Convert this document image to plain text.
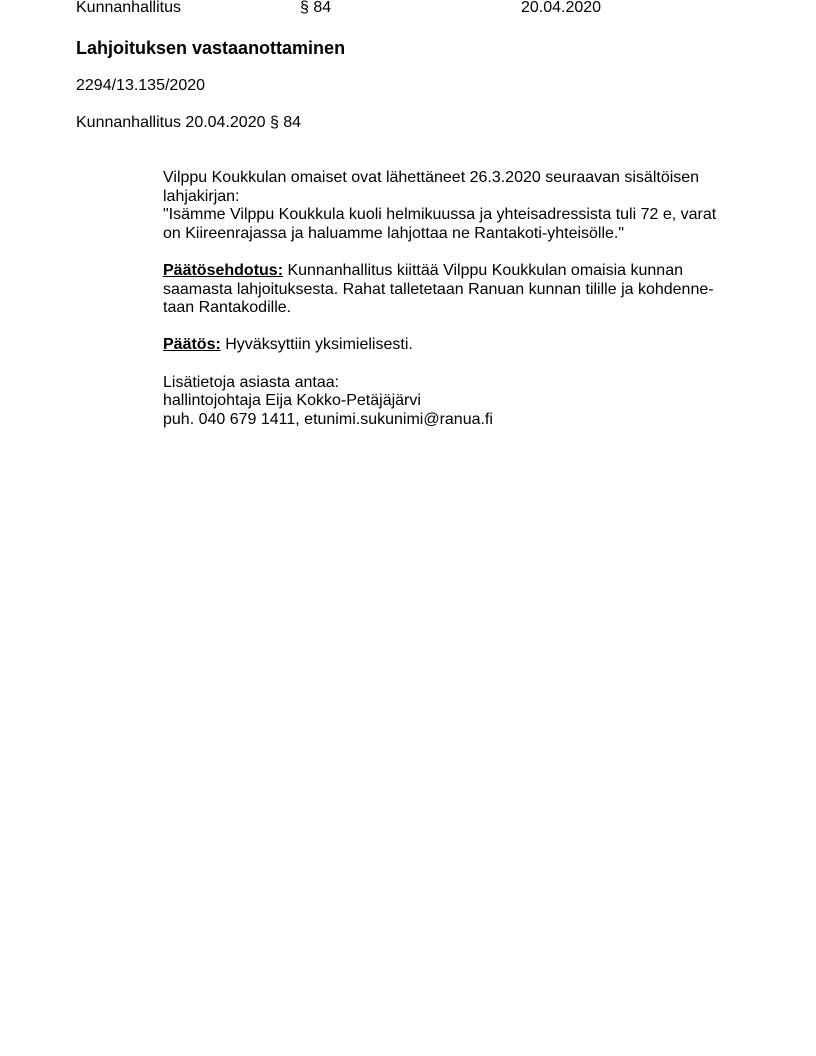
Kunnanhallitus	§ 84	20.04.2020
Lahjoituksen vastaanottaminen
2294/13.135/2020
Kunnanhallitus 20.04.2020 § 84
Vilppu Koukkulan omaiset ovat lähettäneet 26.3.2020 seuraavan sisältöisen
lahjakirjan:
"Isämme Vilppu Koukkula kuoli helmikuussa ja yhteisadressista tuli 72 e, varat
on Kiireenrajassa ja haluamme lahjottaa ne Rantakoti-yhteisölle."
Päätösehdotus: Kunnanhallitus kiittää Vilppu Koukkulan omaisia kunnan
saamasta lahjoituksesta. Rahat talletetaan Ranuan kunnan tilille ja kohdenne-
taan Rantakodille.
Päätös: Hyväksyttiin yksimielisesti.
Lisätietoja asiasta antaa:
hallintojohtaja Eija Kokko-Petäjäjärvi
puh. 040 679 1411, etunimi.sukunimi@ranua.fi
